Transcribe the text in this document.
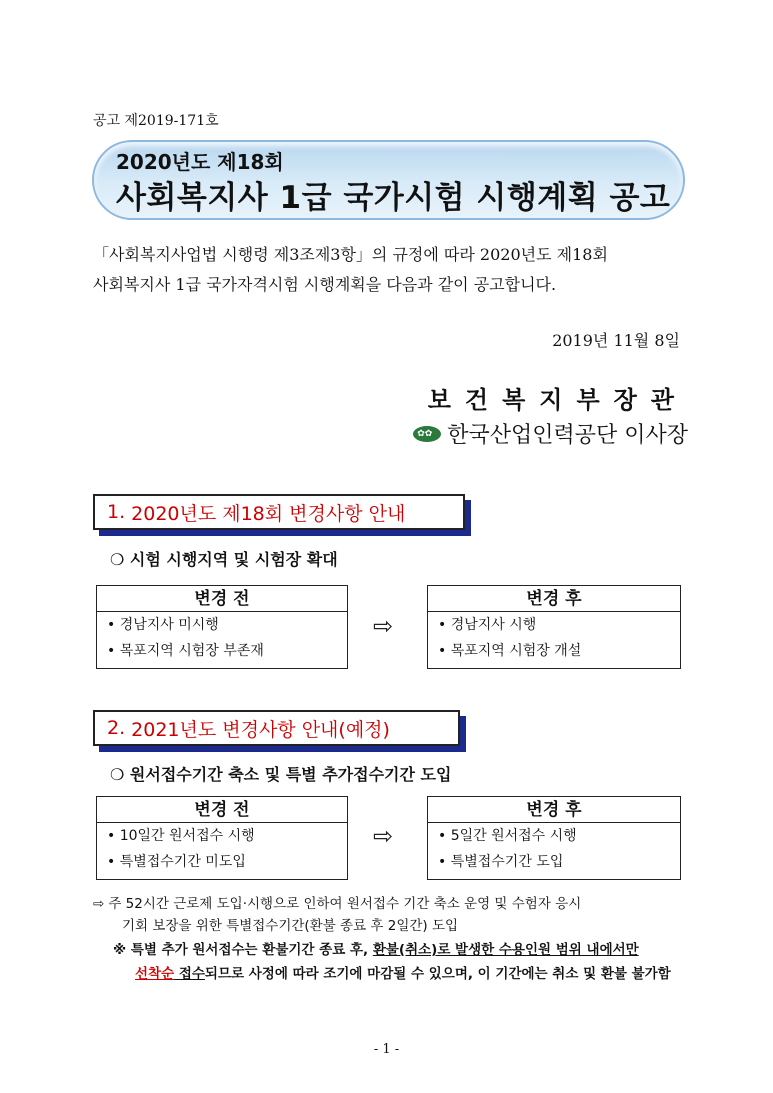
공고 제2019-171호
2020년도 제18회
사회복지사 1급 국가시험 시행계획 공고
「사회복지사업법 시행령 제3조제3항」의 규정에 따라 2020년도 제18회
사회복지사 1급 국가자격시험 시행계획을 다음과 같이 공고합니다.
2019년 11월 8일
보건복지부장관
✿✿
한국산업인력공단 이사장
1. 2020년도 제18회 변경사항 안내
❍ 시험 시행지역 및 시험장 확대
변경 전
• 경남지사 미시행
• 목포지역 시험장 부존재
⇨
변경 후
• 경남지사 시행
• 목포지역 시험장 개설
2. 2021년도 변경사항 안내(예정)
❍ 원서접수기간 축소 및 특별 추가접수기간 도입
변경 전
• 10일간 원서접수 시행
• 특별접수기간 미도입
⇨
변경 후
• 5일간 원서접수 시행
• 특별접수기간 도입
⇨ 주 52시간 근로제 도입·시행으로 인하여 원서접수 기간 축소 운영 및 수험자 응시
기회 보장을 위한 특별접수기간(환불 종료 후 2일간) 도입
※ 특별 추가 원서접수는 환불기간 종료 후, 환불(취소)로 발생한 수용인원 범위 내에서만
선착순 접수되므로 사정에 따라 조기에 마감될 수 있으며, 이 기간에는 취소 및 환불 불가함
- 1 -
